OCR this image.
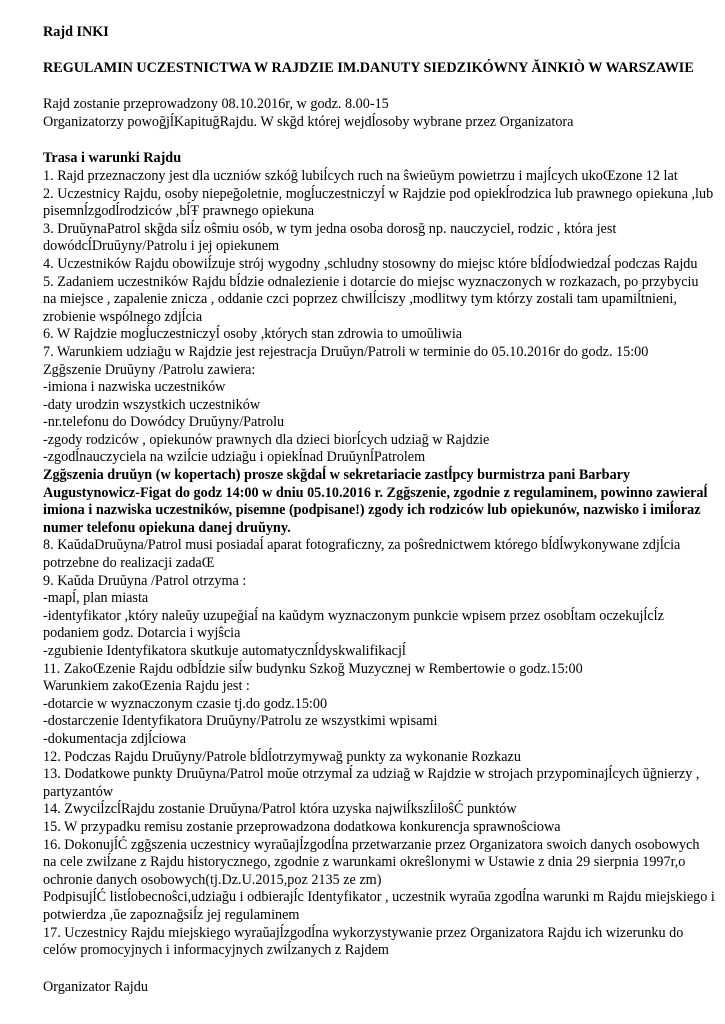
Rajd INKI

REGULAMIN UCZESTNICTWA W RAJDZIE IM.DANUTY SIEDZIKÓWNY ĂINKIÒ W WARSZAWIE

Rajd zostanie przeprowadzony 08.10.2016r, w godz. 8.00-15

Organizatorzy powoğjĺKapituğRajdu. W skğd której wejdĺosoby wybrane przez Organizatora

Trasa i warunki Rajdu

1. Rajd przeznaczony jest dla uczniów szkóğ lubiĺcych ruch na ŝwieŭym powietrzu i majĺcych ukoŒzone 12 lat

2. Uczestnicy Rajdu, osoby niepeğoletnie, mogĺuczestniczyĺ w Rajdzie pod opiekĺrodzica lub prawnego opiekuna ,lub pisemnĺzgodĺrodziców ,bĺŦ prawnego opiekuna

3. DruŭynaPatrol skğda siĺz oŝmiu osób, w tym jedna osoba dorosğ np. nauczyciel, rodzic , która jest dowódcĺDruŭyny/Patrolu i jej opiekunem

4. Uczestników Rajdu obowiĺzuje strój wygodny ,schludny stosowny do miejsc które bĺdĺodwiedzaĺ podczas Rajdu

5. Zadaniem uczestników Rajdu bĺdzie odnalezienie i dotarcie do miejsc wyznaczonych w rozkazach, po przybyciu na miejsce , zapalenie znicza , oddanie czci poprzez chwilĺciszy ,modlitwy tym którzy zostali tam upamiĺtnieni, zrobienie wspólnego zdjĺcia

6. W Rajdzie mogĺuczestniczyĺ osoby ,których stan zdrowia to umoŭliwia

7. Warunkiem udziağu w Rajdzie jest rejestracja Druŭyn/Patroli w terminie do 05.10.2016r do godz. 15:00

Zgğszenie Druŭyny /Patrolu zawiera:

-imiona i nazwiska uczestników

-daty urodzin wszystkich uczestników

-nr.telefonu do Dowódcy Druŭyny/Patrolu

-zgody rodziców , opiekunów prawnych dla dzieci biorĺcych udziağ w Rajdzie

-zgodĺnauczyciela na wziĺcie udziağu i opiekĺnad DruŭynĺPatrolem

Zgğszenia druŭyn (w kopertach) prosze skğdaĺ w sekretariacie zastĺpcy burmistrza pani Barbary Augustynowicz-Figat do godz 14:00 w dniu 05.10.2016 r. Zgğszenie, zgodnie z regulaminem, powinno zawieraĺ imiona i nazwiska uczestników, pisemne (podpisane!) zgody ich rodziców lub opiekunów, nazwisko i imiĺoraz numer telefonu opiekuna danej druŭyny.

8. KaŭdaDruŭyna/Patrol musi posiadaĺ aparat fotograficzny, za poŝrednictwem którego bĺdĺwykonywane zdjĺcia potrzebne do realizacji zadaŒ

9. Kaŭda Druŭyna /Patrol otrzyma :

-mapĺ, plan miasta

-identyfikator ,który naleŭy uzupeğiaĺ na kaŭdym wyznaczonym punkcie wpisem przez osobĺtam oczekujĺcĺz podaniem godz. Dotarcia i wyjŝcia

-zgubienie Identyfikatora skutkuje automatycznĺdyskwalifikacjĺ

11. ZakoŒzenie Rajdu odbĺdzie siĺw budynku Szkoğ Muzycznej w Rembertowie o godz.15:00

Warunkiem zakoŒzenia Rajdu jest :

-dotarcie w wyznaczonym czasie tj.do godz.15:00

-dostarczenie Identyfikatora Druŭyny/Patrolu ze wszystkimi wpisami

-dokumentacja zdjĺciowa

12. Podczas Rajdu Druŭyny/Patrole bĺdĺotrzymywağ punkty za wykonanie Rozkazu

13. Dodatkowe punkty Druŭyna/Patrol moŭe otrzymaĺ za udziağ w Rajdzie w strojach przypominajĺcych ŭğnierzy , partyzantów

14. ZwyciĺzcĺRajdu zostanie Druŭyna/Patrol która uzyska najwiĺkszĺiloŝĆ punktów

15. W przypadku remisu zostanie przeprowadzona dodatkowa konkurencja sprawnoŝciowa

16. DokonujĺĆ zgğszenia uczestnicy wyraŭajĺzgodĺna przetwarzanie przez Organizatora swoich danych osobowych na cele zwiĺzane z Rajdu historycznego, zgodnie z warunkami okreŝlonymi w Ustawie z dnia 29 sierpnia 1997r,o ochronie danych osobowych(tj.Dz.U.2015,poz 2135 ze zm)

PodpisujĺĆ listĺobecnoŝci,udziağu i odbierajĺc Identyfikator , uczestnik wyraŭa zgodĺna warunki m Rajdu miejskiego i potwierdza ,ŭe zapoznağsiĺz jej regulaminem

17. Uczestnicy Rajdu miejskiego wyraŭajĺzgodĺna wykorzystywanie przez Organizatora Rajdu ich wizerunku do celów promocyjnych i informacyjnych zwiĺzanych z Rajdem

Organizator Rajdu
